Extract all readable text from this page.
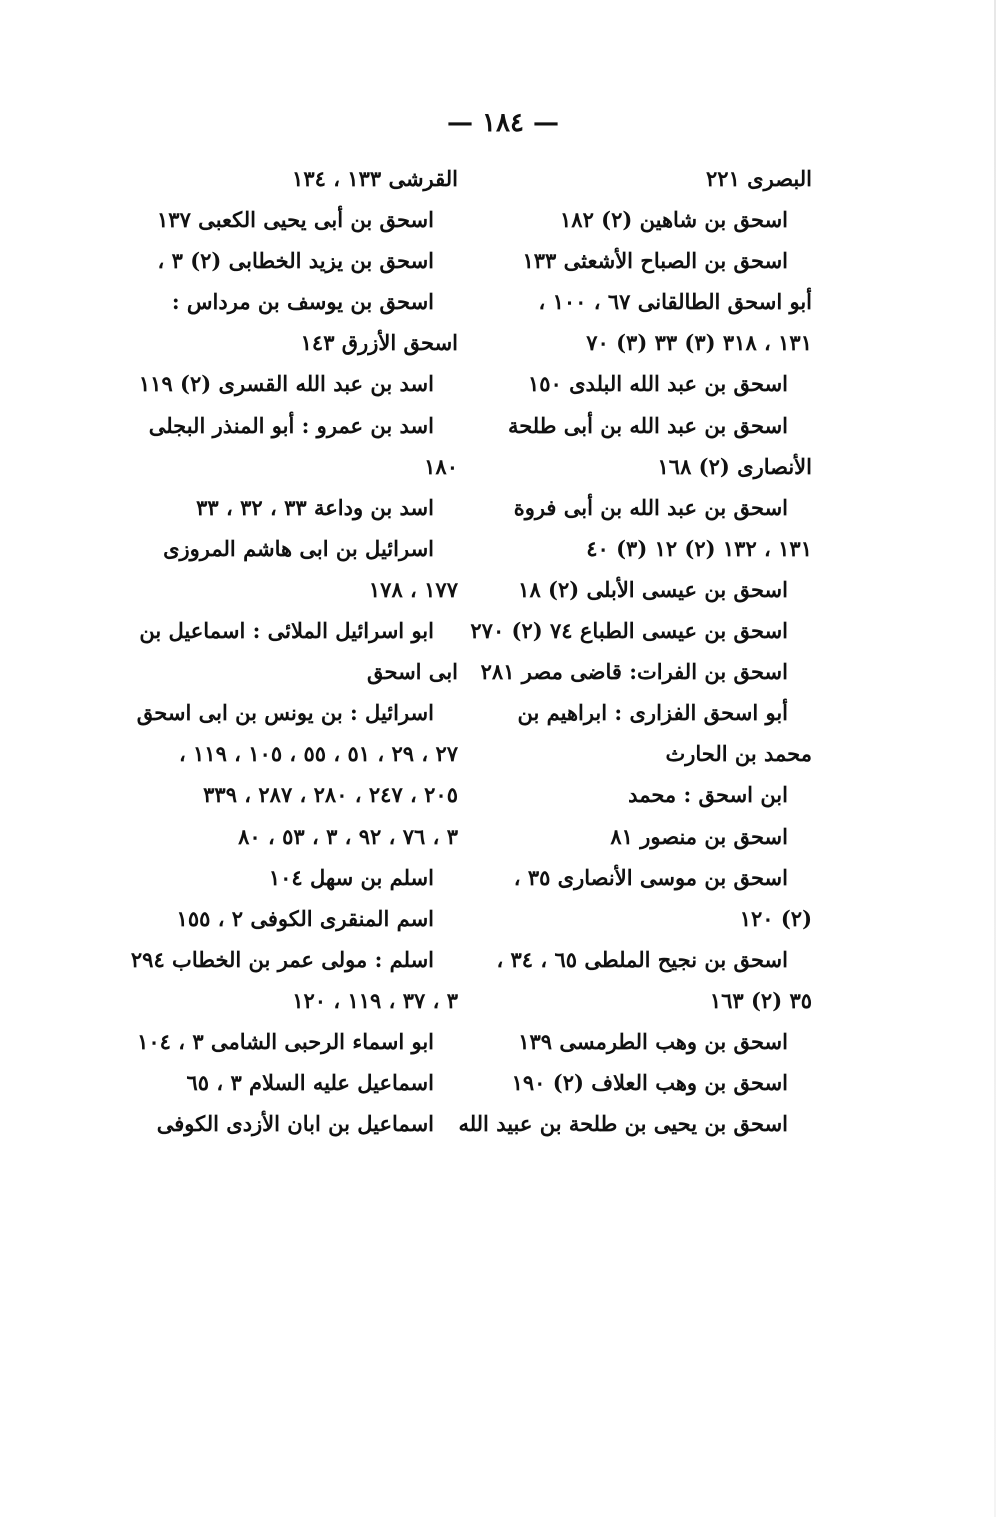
— ١٨٤ —
البصرى ٢٢١
اسحق بن شاهين (٢) ١٨٢
اسحق بن الصباح الأشعثى ١٣٣
أبو اسحق الطالقانى ٦٧ ، ١٠٠ ،
١٣١ ، ٣١٨ (٣) ٣٣ (٣) ٧٠
اسحق بن عبد الله البلدى ١٥٠
اسحق بن عبد الله بن أبى طلحة
الأنصارى (٢) ١٦٨
اسحق بن عبد الله بن أبى فروة
١٣١ ، ١٣٢ (٢) ١٢ (٣) ٤٠
اسحق بن عيسى الأبلى (٢) ١٨
اسحق بن عيسى الطباع ٧٤ (٢) ٢٧٠
اسحق بن الفرات: قاضى مصر ٢٨١
أبو اسحق الفزارى : ابراهيم بن
محمد بن الحارث
ابن اسحق : محمد
اسحق بن منصور ٨١
اسحق بن موسى الأنصارى ٣٥ ،
(٢) ١٢٠
اسحق بن نجيح الملطى ٦٥ ، ٣٤ ،
٣٥ (٢) ١٦٣
اسحق بن وهب الطرمسى ١٣٩
اسحق بن وهب العلاف (٢) ١٩٠
اسحق بن يحيى بن طلحة بن عبيد الله
القرشى ١٣٣ ، ١٣٤
اسحق بن أبى يحيى الكعبى ١٣٧
اسحق بن يزيد الخطابى (٢) ٣ ،
اسحق بن يوسف بن مرداس :
اسحق الأزرق ١٤٣
اسد بن عبد الله القسرى (٢) ١١٩
اسد بن عمرو : أبو المنذر البجلى
١٨٠
اسد بن وداعة ٣٣ ، ٣٢ ، ٣٣
اسرائيل بن ابى هاشم المروزى
١٧٧ ، ١٧٨
ابو اسرائيل الملائى : اسماعيل بن
ابى اسحق
اسرائيل : بن يونس بن ابى اسحق
٢٧ ، ٢٩ ، ٥١ ، ٥٥ ، ١٠٥ ، ١١٩ ،
٢٠٥ ، ٢٤٧ ، ٢٨٠ ، ٢٨٧ ، ٣٣٩
٣ ، ٧٦ ، ٩٢ ، ٣ ، ٥٣ ، ٨٠
اسلم بن سهل ١٠٤
اسم المنقرى الكوفى ٢ ، ١٥٥
اسلم : مولى عمر بن الخطاب ٢٩٤
٣ ، ٣٧ ، ١١٩ ، ١٢٠
ابو اسماء الرحبى الشامى ٣ ، ١٠٤
اسماعيل عليه السلام ٣ ، ٦٥
اسماعيل بن ابان الأزدى الكوفى
